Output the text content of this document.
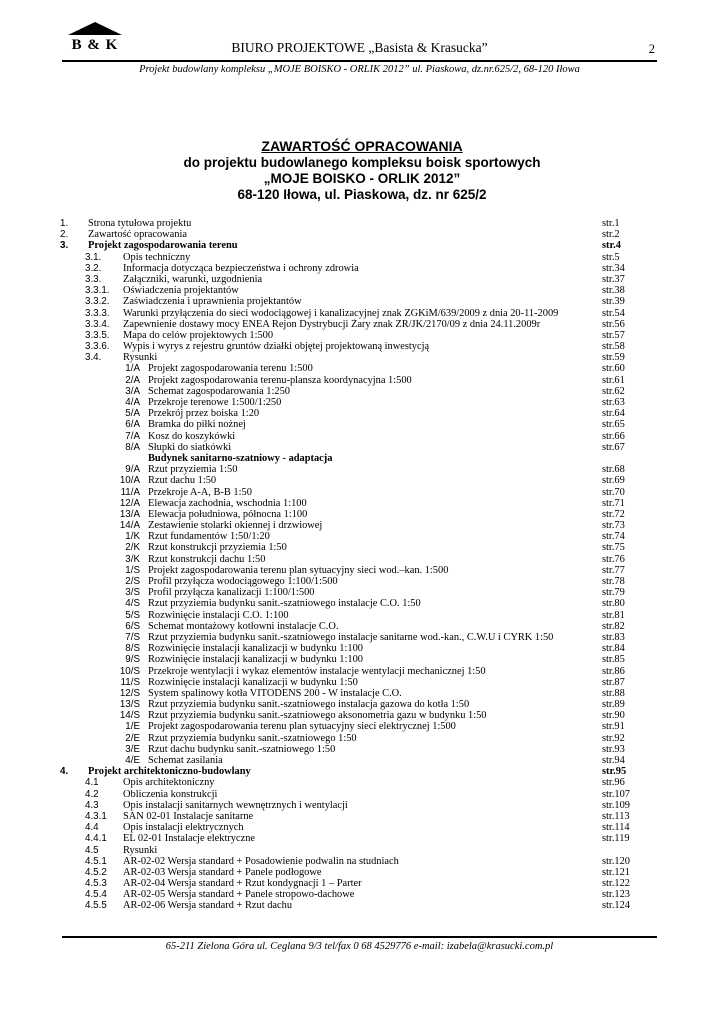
B & K	BIURO PROJEKTOWE „Basista & Krasucka”	2
Projekt budowlany kompleksu „MOJE BOISKO - ORLIK 2012” ul. Piaskowa, dz.nr.625/2, 68-120 Iłowa
ZAWARTOŚĆ OPRACOWANIA
do projektu budowlanego kompleksu boisk sportowych
„MOJE BOISKO - ORLIK 2012”
68-120 Iłowa, ul. Piaskowa, dz. nr 625/2
1.	Strona tytułowa projektu	str.1
2.	Zawartość opracowania	str.2
3.	Projekt zagospodarowania terenu	str.4
3.1.	Opis techniczny	str.5
3.2.	Informacja dotycząca bezpieczeństwa i ochrony zdrowia	str.34
3.3.	Załączniki, warunki, uzgodnienia	str.37
3.3.1.	Oświadczenia projektantów	str.38
3.3.2.	Zaświadczenia i uprawnienia projektantów	str.39
3.3.3.	Warunki przyłączenia do sieci wodociągowej i kanalizacyjnej znak ZGKiM/639/2009 z dnia 20-11-2009	str.54
3.3.4.	Zapewnienie dostawy mocy ENEA Rejon Dystrybucji Żary znak ZR/JK/2170/09 z dnia 24.11.2009r	str.56
3.3.5.	Mapa do celów projektowych 1:500	str.57
3.3.6.	Wypis i wyrys z rejestru gruntów działki objętej projektowaną inwestycją	str.58
3.4.	Rysunki	str.59
1/A Projekt zagospodarowania terenu 1:500	str.60
2/A Projekt zagospodarowania terenu-plansza koordynacyjna 1:500	str.61
3/A Schemat zagospodarowania 1:250	str.62
4/A Przekroje terenowe 1:500/1:250	str.63
5/A Przekrój przez boiska 1:20	str.64
6/A Bramka do piłki nożnej	str.65
7/A Kosz do koszykówki	str.66
8/A Słupki do siatkówki	str.67
Budynek sanitarno-szatniowy - adaptacja
9/A Rzut przyziemia 1:50	str.68
10/A Rzut dachu 1:50	str.69
11/A Przekroje A-A, B-B 1:50	str.70
12/A Elewacja zachodnia, wschodnia 1:100	str.71
13/A Elewacja południowa, północna 1:100	str.72
14/A Zestawienie stolarki okiennej i drzwiowej	str.73
1/K Rzut fundamentów 1:50/1:20	str.74
2/K Rzut konstrukcji przyziemia 1:50	str.75
3/K Rzut konstrukcji dachu 1:50	str.76
1/S Projekt zagospodarowania terenu plan sytuacyjny sieci wod.–kan. 1:500	str.77
2/S Profil przyłącza wodociągowego 1:100/1:500	str.78
3/S Profil przyłącza kanalizacji 1:100/1:500	str.79
4/S Rzut przyziemia budynku sanit.-szatniowego instalacje C.O. 1:50	str.80
5/S Rozwinięcie instalacji C.O. 1:100	str.81
6/S Schemat montażowy kotłowni instalacje C.O.	str.82
7/S Rzut przyziemia budynku sanit.-szatniowego instalacje sanitarne wod.-kan., C.W.U i CYRK 1:50	str.83
8/S Rozwinięcie instalacji kanalizacji w budynku 1:100	str.84
9/S Rozwinięcie instalacji kanalizacji w budynku 1:100	str.85
10/S Przekroje wentylacji i wykaz elementów instalacje wentylacji mechanicznej 1:50	str.86
11/S Rozwinięcie instalacji kanalizacji w budynku 1:50	str.87
12/S System spalinowy kotła VITODENS 200 - W instalacje C.O.	str.88
13/S Rzut przyziemia budynku sanit.-szatniowego instalacja gazowa do kotła 1:50	str.89
14/S Rzut przyziemia budynku sanit.-szatniowego aksonometria gazu w budynku 1:50	str.90
1/E Projekt zagospodarowania terenu plan sytuacyjny sieci elektrycznej 1:500	str.91
2/E Rzut przyziemia budynku sanit.-szatniowego 1:50	str.92
3/E Rzut dachu budynku sanit.-szatniowego 1:50	str.93
4/E Schemat zasilania	str.94
4.	Projekt architektoniczno-budowlany	str.95
4.1	Opis architektoniczny	str.96
4.2	Obliczenia konstrukcji	str.107
4.3	Opis instalacji sanitarnych wewnętrznych i wentylacji	str.109
4.3.1	SAN 02-01 Instalacje sanitarne	str.113
4.4	Opis instalacji elektrycznych	str.114
4.4.1	EL 02-01 Instalacje elektryczne	str.119
4.5	Rysunki
4.5.1	AR-02-02 Wersja standard + Posadowienie podwalin na studniach	str.120
4.5.2	AR-02-03 Wersja standard + Panele podłogowe	str.121
4.5.3	AR-02-04 Wersja standard + Rzut kondygnacji 1 – Parter	str.122
4.5.4	AR-02-05 Wersja standard + Panele stropowo-dachowe	str.123
4.5.5	AR-02-06 Wersja standard + Rzut dachu	str.124
65-211 Zielona Góra ul. Ceglana 9/3 tel/fax 0 68 4529776 e-mail: izabela@krasucki.com.pl
